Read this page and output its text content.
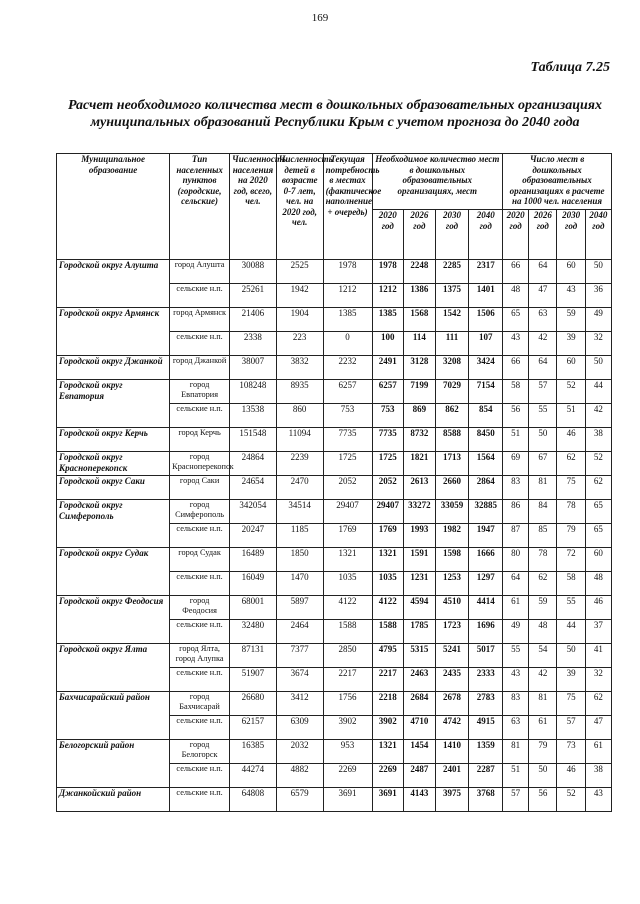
169
Таблица 7.25
Расчет необходимого количества мест в дошкольных образовательных организациях муниципальных образований Республики Крым с учетом прогноза до 2040 года
Муниципальное образование	Тип населенных пунктов (городские, сельские)	Численность населения на 2020 год, всего, чел.	Численность детей в возрасте 0-7 лет, чел. на 2020 год, чел.	Текущая потребность в местах (фактическое наполнение + очередь)	Необходимое количество мест в дошкольных образовательных организациях, мест				Число мест в дошкольных образовательных организациях в расчете на 1000 чел. населения			
					2020 год	2026 год	2030 год	2040 год	2020 год	2026 год	2030 год	2040 год
Городской округ Алушта	город Алушта	30088	2525	1978	1978	2248	2285	2317	66	64	60	50
	сельские н.п.	25261	1942	1212	1212	1386	1375	1401	48	47	43	36
Городской округ Армянск	город Армянск	21406	1904	1385	1385	1568	1542	1506	65	63	59	49
	сельские н.п.	2338	223	0	100	114	111	107	43	42	39	32
Городской округ Джанкой	город Джанкой	38007	3832	2232	2491	3128	3208	3424	66	64	60	50
Городской округ Евпатория	город Евпатория	108248	8935	6257	6257	7199	7029	7154	58	57	52	44
	сельские н.п.	13538	860	753	753	869	862	854	56	55	51	42
Городской округ Керчь	город Керчь	151548	11094	7735	7735	8732	8588	8450	51	50	46	38
Городской округ Красноперекопск	город Красноперекопск	24864	2239	1725	1725	1821	1713	1564	69	67	62	52
Городской округ Саки	город Саки	24654	2470	2052	2052	2613	2660	2864	83	81	75	62
Городской округ Симферополь	город Симферополь	342054	34514	29407	29407	33272	33059	32885	86	84	78	65
	сельские н.п.	20247	1185	1769	1769	1993	1982	1947	87	85	79	65
Городской округ Судак	город Судак	16489	1850	1321	1321	1591	1598	1666	80	78	72	60
	сельские н.п.	16049	1470	1035	1035	1231	1253	1297	64	62	58	48
Городской округ Феодосия	город Феодосия	68001	5897	4122	4122	4594	4510	4414	61	59	55	46
	сельские н.п.	32480	2464	1588	1588	1785	1723	1696	49	48	44	37
Городской округ Ялта	город Ялта, город Алупка	87131	7377	2850	4795	5315	5241	5017	55	54	50	41
	сельские н.п.	51907	3674	2217	2217	2463	2435	2333	43	42	39	32
Бахчисарайский район	город Бахчисарай	26680	3412	1756	2218	2684	2678	2783	83	81	75	62
	сельские н.п.	62157	6309	3902	3902	4710	4742	4915	63	61	57	47
Белогорский район	город Белогорск	16385	2032	953	1321	1454	1410	1359	81	79	73	61
	сельские н.п.	44274	4882	2269	2269	2487	2401	2287	51	50	46	38
Джанкойский район	сельские н.п.	64808	6579	3691	3691	4143	3975	3768	57	56	52	43
